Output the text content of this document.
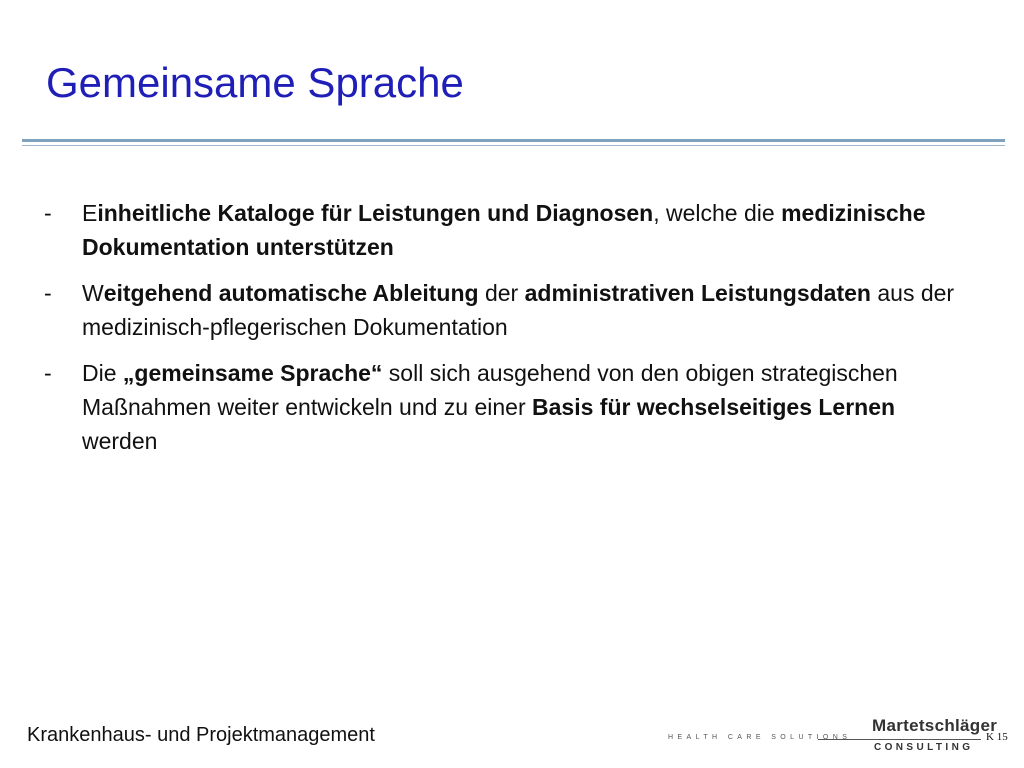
Gemeinsame Sprache
- Einheitliche Kataloge für Leistungen und Diagnosen, welche die medizinische Dokumentation unterstützen
- Weitgehend automatische Ableitung der administrativen Leistungsdaten aus der medizinisch-pflegerischen Dokumentation
- Die „gemeinsame Sprache“ soll sich ausgehend von den obigen strategischen Maßnahmen weiter entwickeln und zu einer Basis für wechselseitiges Lernen werden
Krankenhaus- und Projektmanagement	HEALTH CARE SOLUTIONS
Martetschläger
CONSULTING
K 15
